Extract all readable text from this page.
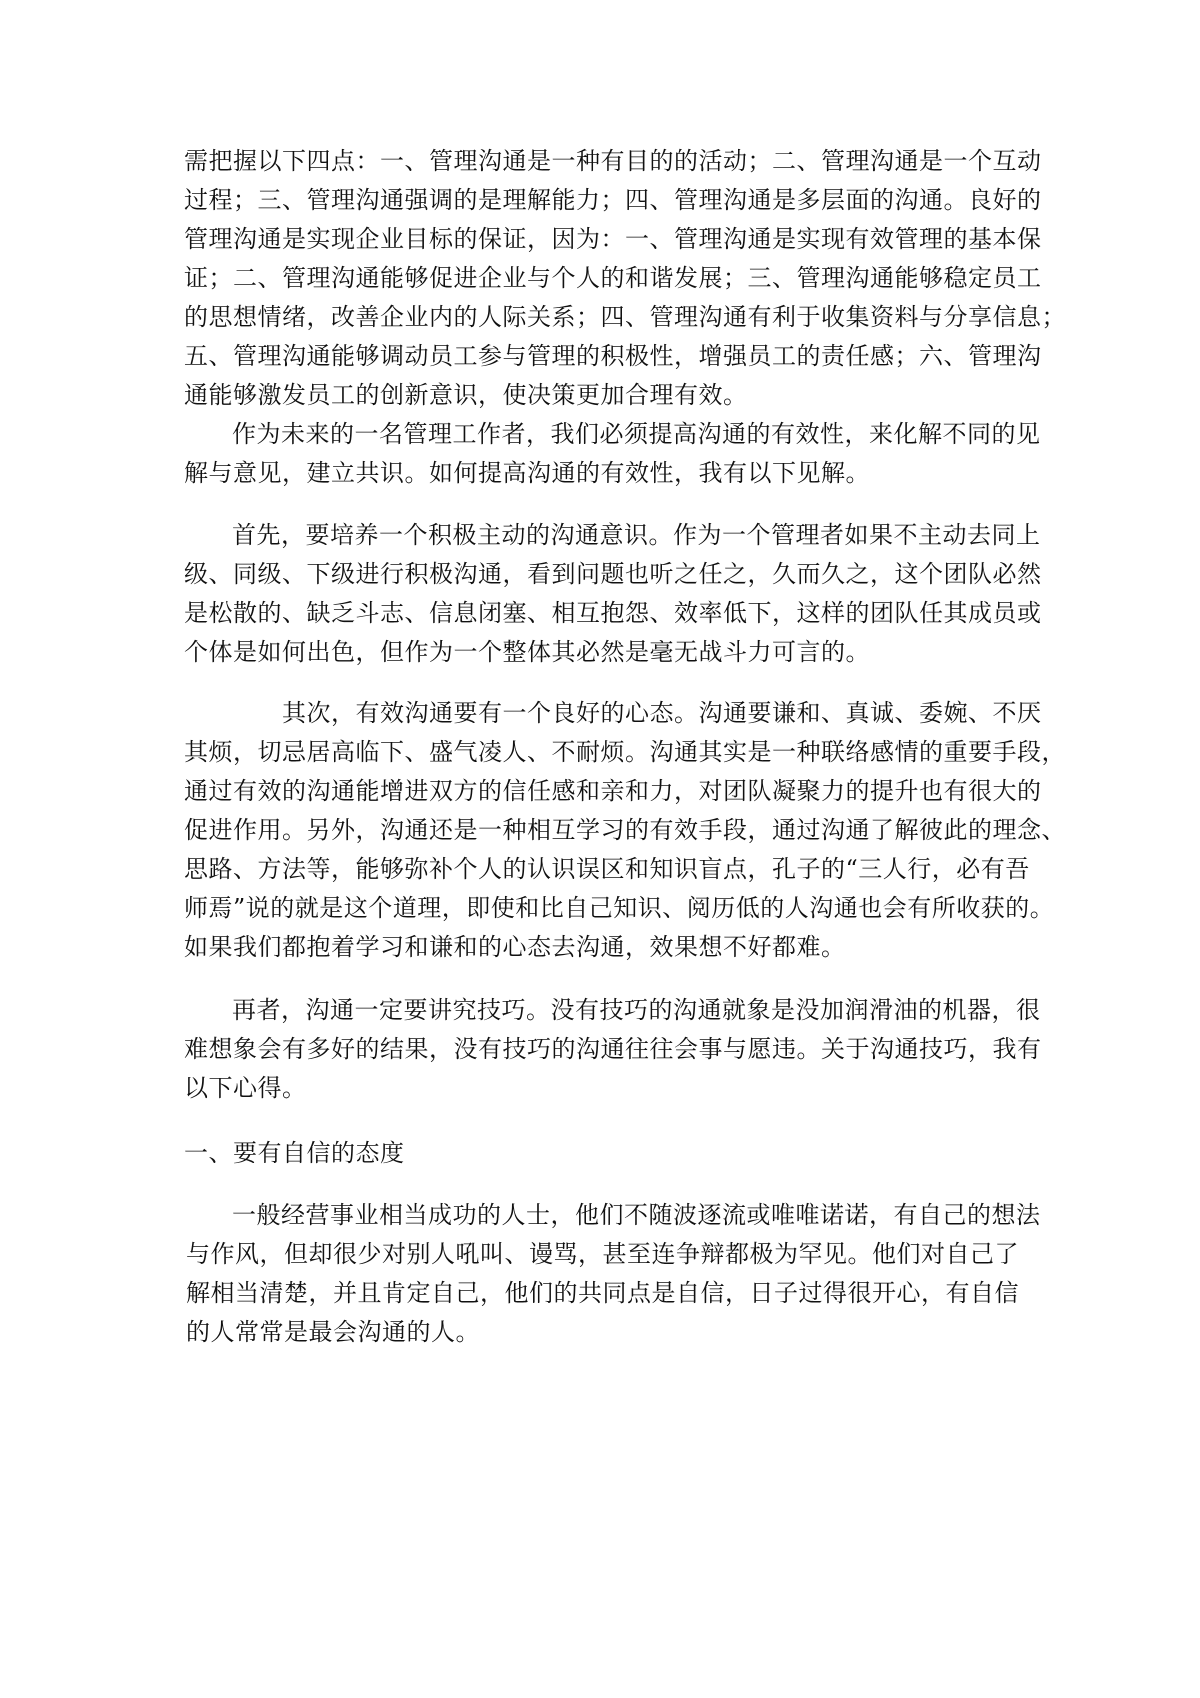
需把握以下四点：一、管理沟通是一种有目的的活动；二、管理沟通是一个互动
过程；三、管理沟通强调的是理解能力；四、管理沟通是多层面的沟通。良好的
管理沟通是实现企业目标的保证，因为：一、管理沟通是实现有效管理的基本保
证；二、管理沟通能够促进企业与个人的和谐发展；三、管理沟通能够稳定员工
的思想情绪，改善企业内的人际关系；四、管理沟通有利于收集资料与分享信息；
五、管理沟通能够调动员工参与管理的积极性，增强员工的责任感；六、管理沟
通能够激发员工的创新意识，使决策更加合理有效。
作为未来的一名管理工作者，我们必须提高沟通的有效性，来化解不同的见
解与意见，建立共识。如何提高沟通的有效性，我有以下见解。
首先，要培养一个积极主动的沟通意识。作为一个管理者如果不主动去同上
级、同级、下级进行积极沟通，看到问题也听之任之，久而久之，这个团队必然
是松散的、缺乏斗志、信息闭塞、相互抱怨、效率低下，这样的团队任其成员或
个体是如何出色，但作为一个整体其必然是毫无战斗力可言的。
其次，有效沟通要有一个良好的心态。沟通要谦和、真诚、委婉、不厌
其烦，切忌居高临下、盛气凌人、不耐烦。沟通其实是一种联络感情的重要手段，
通过有效的沟通能增进双方的信任感和亲和力，对团队凝聚力的提升也有很大的
促进作用。另外，沟通还是一种相互学习的有效手段，通过沟通了解彼此的理念、
思路、方法等，能够弥补个人的认识误区和知识盲点，孔子的“三人行，必有吾
师焉”说的就是这个道理，即使和比自己知识、阅历低的人沟通也会有所收获的。
如果我们都抱着学习和谦和的心态去沟通，效果想不好都难。
再者，沟通一定要讲究技巧。没有技巧的沟通就象是没加润滑油的机器，很
难想象会有多好的结果，没有技巧的沟通往往会事与愿违。关于沟通技巧，我有
以下心得。
一、要有自信的态度
一般经营事业相当成功的人士，他们不随波逐流或唯唯诺诺，有自己的想法
与作风，但却很少对别人吼叫、谩骂，甚至连争辩都极为罕见。他们对自己了
解相当清楚，并且肯定自己，他们的共同点是自信，日子过得很开心，有自信
的人常常是最会沟通的人。
